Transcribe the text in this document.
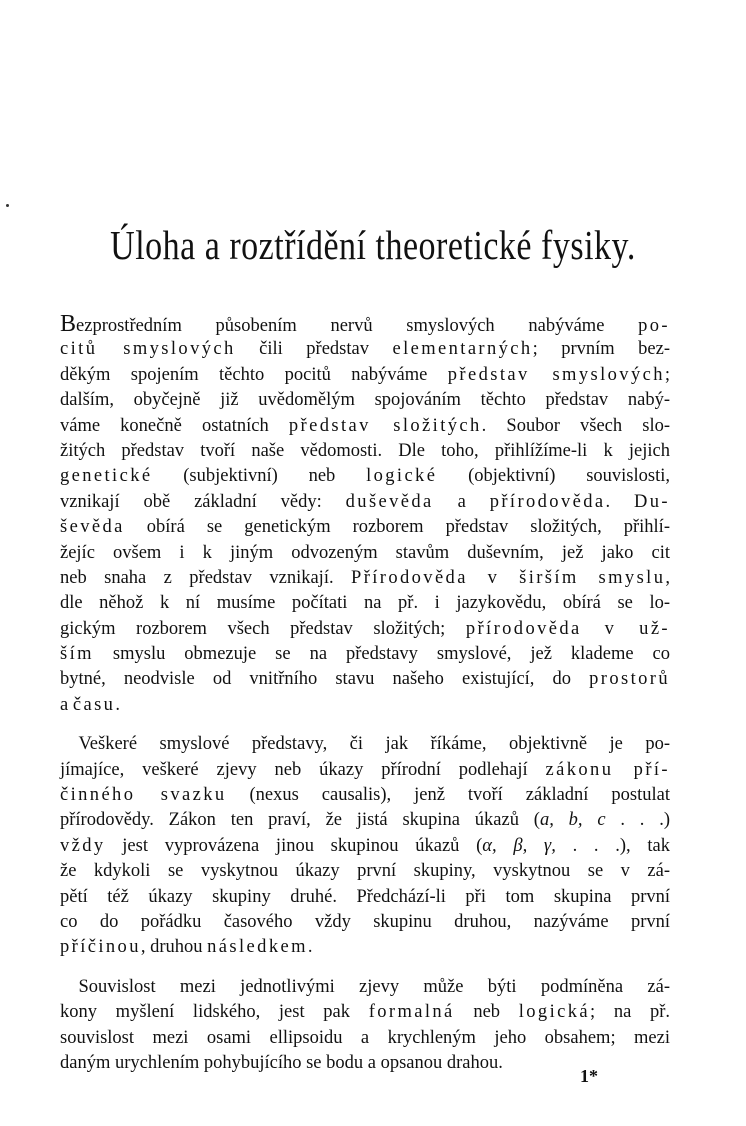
Úloha a roztřídění theoretické fysiky.
Bezprostředním působením nervů smyslových nabýváme po-
citů smyslových čili představ elementarných; prvním bez-
děkým spojením těchto pocitů nabýváme představ smyslových;
dalším, obyčejně již uvědomělým spojováním těchto představ nabý-
váme konečně ostatních představ složitých. Soubor všech slo-
žitých představ tvoří naše vědomosti. Dle toho, přihlížíme-li k jejich
genetické (subjektivní) neb logické (objektivní) souvislosti,
vznikají obě základní vědy: duševěda a přírodověda. Du-
ševěda obírá se genetickým rozborem představ složitých, přihlí-
žejíc ovšem i k jiným odvozeným stavům duševním, jež jako cit
neb snaha z představ vznikají. Přírodověda v širším smyslu,
dle něhož k ní musíme počítati na př. i jazykovědu, obírá se lo-
gickým rozborem všech představ složitých; přírodověda v už-
ším smyslu obmezuje se na představy smyslové, jež klademe co
bytné, neodvisle od vnitřního stavu našeho existující, do prostorů
a času.
 Veškeré smyslové představy, či jak říkáme, objektivně je po-
jímajíce, veškeré zjevy neb úkazy přírodní podlehají zákonu pří-
činného svazku (nexus causalis), jenž tvoří základní postulat
přírodovědy. Zákon ten praví, že jistá skupina úkazů (a, b, c . . .)
vždy jest vyprovázena jinou skupinou úkazů (α, β, γ, . . .), tak
že kdykoli se vyskytnou úkazy první skupiny, vyskytnou se v zá-
pětí též úkazy skupiny druhé. Předchází-li při tom skupina první
co do pořádku časového vždy skupinu druhou, nazýváme první
příčinou, druhou následkem.
 Souvislost mezi jednotlivými zjevy může býti podmíněna zá-
kony myšlení lidského, jest pak formalná neb logická; na př.
souvislost mezi osami ellipsoidu a krychleným jeho obsahem; mezi
daným urychlením pohybujícího se bodu a opsanou drahou.
1*
